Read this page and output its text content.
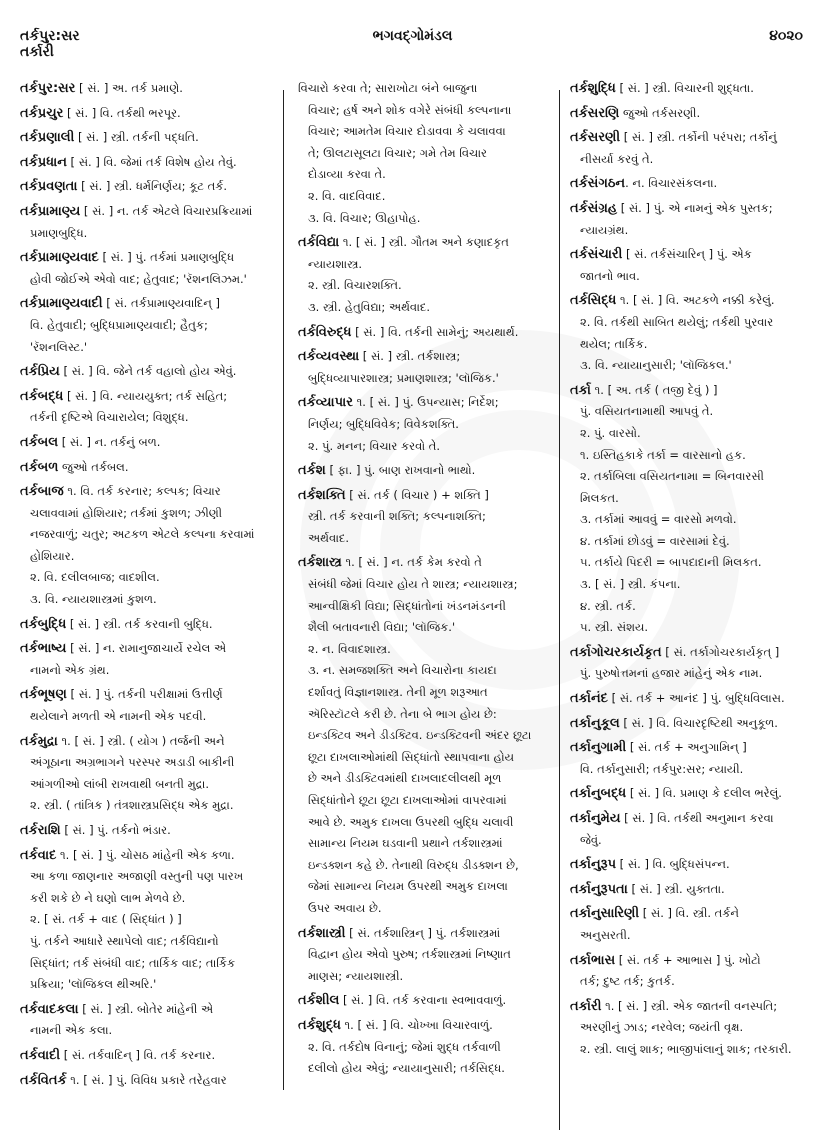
તર્કપુર:સર
તર્કારી
ભગવદ્ગોમંડલ	૪૦૨૦
તર્કપુર:સર [ સં. ] અ. તર્ક પ્રમાણે.
તર્કપ્રચુર [ સં. ] વિ. તર્કથી ભરપૂર.
તર્કપ્રણાલી [ સં. ] સ્ત્રી. તર્કની પદ્ધતિ.
તર્કપ્રધાન [ સં. ] વિ. જેમાં તર્ક વિશેષ હોય તેવું.
તર્કપ્રવણતા [ સં. ] સ્ત્રી. ધર્મનિર્ણય; કૂટ તર્ક.
તર્કપ્રામાણ્ય [ સં. ] ન. તર્ક એટલે વિચારપ્રક્રિયામાં
પ્રમાણબુદ્ધિ.
તર્કપ્રામાણ્યવાદ [ સં. ] પું. તર્કમાં પ્રમાણબુદ્ધિ
હોવી જોઈએ એવો વાદ; હેતુવાદ; 'રૅશનલિઝમ.'
તર્કપ્રામાણ્યવાદી [ સં. તર્કપ્રામાણ્યવાદિન્ ]
વિ. હેતુવાદી; બુદ્ધિપ્રામાણ્યવાદી; હૈતુક;
'રૅશનલિસ્ટ.'
તર્કપ્રિય [ સં. ] વિ. જેને તર્ક વહાલો હોય એવું.
તર્કબદ્ધ [ સં. ] વિ. ન્યાયયુક્ત; તર્ક સહિત;
તર્કની દૃષ્ટિએ વિચારાયેલ; વિશુદ્ધ.
તર્કબલ [ સં. ] ન. તર્કનું બળ.
તર્કબળ જુઓ તર્કબલ.
તર્કબાજ ૧. વિ. તર્ક કરનાર; કલ્પક; વિચાર
ચલાવવામાં હોશિયાર; તર્કમાં કુશળ; ઝીણી
નજરવાળું; ચતુર; અટકળ એટલે કલ્પના કરવામાં
હોશિયાર.
૨. વિ. દલીલબાજ; વાદશીલ.
૩. વિ. ન્યાયશાસ્ત્રમાં કુશળ.
તર્કબુદ્ધિ [ સં. ] સ્ત્રી. તર્ક કરવાની બુદ્ધિ.
તર્કભાષ્ય [ સં. ] ન. રામાનુજાચાર્યે રચેલ એ
નામનો એક ગ્રંથ.
તર્કભૂષણ [ સં. ] પું. તર્કની પરીક્ષામાં ઉત્તીર્ણ
થયેલાને મળતી એ નામની એક પદવી.
તર્કમુદ્રા ૧. [ સં. ] સ્ત્રી. ( યોગ ) તર્જની અને
અંગૂઠાના અગ્રભાગને પરસ્પર અડાડી બાકીની
આંગળીઓ લાંબી રાખવાથી બનતી મુદ્રા.
૨. સ્ત્રી. ( તાંત્રિક ) તંત્રશાસ્ત્રપ્રસિદ્ધ એક મુદ્રા.
તર્કરાશિ [ સં. ] પું. તર્કનો ભંડાર.
તર્કવાદ ૧. [ સં. ] પું. ચોસઠ માંહેની એક કળા.
આ કળા જાણનાર અજાણી વસ્તુની પણ પારખ
કરી શકે છે ને ઘણો લાભ મેળવે છે.
૨. [ સં. તર્ક + વાદ ( સિદ્ધાંત ) ]
પું. તર્કને આધારે સ્થાપેલો વાદ; તર્કવિદ્યાનો
સિદ્ધાંત; તર્ક સંબંધી વાદ; તાર્કિક વાદ; તાર્કિક
પ્રક્રિયા; 'લૉજિકલ થીઅરિ.'
તર્કવાદકલા [ સં. ] સ્ત્રી. બોતેર માંહેની એ
નામની એક કલા.
તર્કવાદી [ સં. તર્કવાદિન્ ] વિ. તર્ક કરનાર.
તર્કવિતર્ક ૧. [ સં. ] પું. વિવિધ પ્રકારે તરેહવાર
વિચારો કરવા તે; સારાખોટા બંને બાજુના
વિચાર; હર્ષ અને શોક વગેરે સંબંધી કલ્પનાના
વિચાર; આમતેમ વિચાર દોડાવવા કે ચલાવવા
તે; ઊલટાસૂલટા વિચાર; ગમે તેમ વિચાર
દોડાવ્યા કરવા તે.
૨. વિ. વાદવિવાદ.
૩. વિ. વિચાર; ઊહાપોહ.
તર્કવિદ્યા ૧. [ સં. ] સ્ત્રી. ગૌતમ અને કણાદકૃત
ન્યાયશાસ્ત્ર.
૨. સ્ત્રી. વિચારશક્તિ.
૩. સ્ત્રી. હેતુવિદ્યા; અર્થવાદ.
તર્કવિરુદ્ધ [ સં. ] વિ. તર્કની સામેનું; અયથાર્થ.
તર્કવ્યવસ્થા [ સં. ] સ્ત્રી. તર્કશાસ્ત્ર;
બુદ્ધિવ્યાપારશાસ્ત્ર; પ્રમાણશાસ્ત્ર; 'લૉજિક.'
તર્કવ્યાપાર ૧. [ સં. ] પું. ઉપન્યાસ; નિર્દેશ;
નિર્ણય; બુદ્ધિવિવેક; વિવેકશક્તિ.
૨. પું. મનન; વિચાર કરવો તે.
તર્કશ [ ફા. ] પું. બાણ રાખવાનો ભાથો.
તર્કશક્તિ [ સં. તર્ક ( વિચાર ) + શક્તિ ]
સ્ત્રી. તર્ક કરવાની શક્તિ; કલ્પનાશક્તિ;
અર્થવાદ.
તર્કશાસ્ત્ર ૧. [ સં. ] ન. તર્ક કેમ કરવો તે
સંબંધી જેમાં વિચાર હોય તે શાસ્ત્ર; ન્યાયશાસ્ત્ર;
આન્વીક્ષિકી વિદ્યા; સિદ્ધાંતોનાં ખંડનમંડનની
શૈલી બતાવનારી વિદ્યા; 'લૉજિક.'
૨. ન. વિવાદશાસ્ત્ર.
૩. ન. સમજશક્તિ અને વિચારોના કાયદા
દર્શાવતું વિજ્ઞાનશાસ્ત્ર. તેની મૂળ શરૂઆત
ઍરિસ્ટૉટલે કરી છે. તેના બે ભાગ હોય છે:
ઇન્ડક્ટિવ અને ડીડક્ટિવ. ઇન્ડક્ટિવની અંદર છૂટા
છૂટા દાખલાઓમાંથી સિદ્ધાંતો સ્થાપવાના હોય
છે અને ડીડક્ટિવમાંથી દાખલાદલીલથી મૂળ
સિદ્ધાંતોને છૂટા છૂટા દાખલાઓમાં વાપરવામાં
આવે છે. અમુક દાખલા ઉપરથી બુદ્ધિ ચલાવી
સામાન્ય નિયમ ઘડવાની પ્રથાને તર્કશાસ્ત્રમાં
ઇન્ડક્શન કહે છે. તેનાથી વિરુદ્ધ ડીડક્શન છે,
જેમાં સામાન્ય નિયમ ઉપરથી અમુક દાખલા
ઉપર અવાય છે.
તર્કશાસ્ત્રી [ સં. તર્કશાસ્ત્રિન્ ] પું. તર્કશાસ્ત્રમાં
વિદ્વાન હોય એવો પુરુષ; તર્કશાસ્ત્રમાં નિષ્ણાત
માણસ; ન્યાયશાસ્ત્રી.
તર્કશીલ [ સં. ] વિ. તર્ક કરવાના સ્વભાવવાળું.
તર્કશુદ્ધ ૧. [ સં. ] વિ. ચોખ્ખા વિચારવાળું.
૨. વિ. તર્કદોષ વિનાનું; જેમાં શુદ્ધ તર્કવાળી
દલીલો હોય એવું; ન્યાયાનુસારી; તર્કસિદ્ધ.
તર્કશુદ્ધિ [ સં. ] સ્ત્રી. વિચારની શુદ્ધતા.
તર્કસરણિ જુઓ તર્કસરણી.
તર્કસરણી [ સં. ] સ્ત્રી. તર્કોની પરંપરા; તર્કોનું
નીસર્યા કરવું તે.
તર્કસંગઠન. ન. વિચારસંકલના.
તર્કસંગ્રહ [ સં. ] પું. એ નામનું એક પુસ્તક;
ન્યાયગ્રંથ.
તર્કસંચારી [ સં. તર્કસંચારિન્ ] પું. એક
જાતનો ભાવ.
તર્કસિદ્ધ ૧. [ સં. ] વિ. અટકળે નક્કી કરેલું.
૨. વિ. તર્કથી સાબિત થયેલું; તર્કથી પુરવાર
થયેલ; તાર્કિક.
૩. વિ. ન્યાયાનુસારી; 'લૉજિકલ.'
તર્કા ૧. [ અ. તર્ક ( તજી દેવું ) ]
પું. વસિયતનામાથી આપવું તે.
૨. પું. વારસો.
૧. ઇસ્તિહકાકે તર્કા = વારસાનો હક.
૨. તર્કાબિલા વસિયતનામા = બિનવારસી
મિલકત.
૩. તર્કામાં આવવું = વારસો મળવો.
૪. તર્કામાં છોડવું = વારસામાં દેવું.
૫. તર્કાયે પિદરી = બાપદાદાની મિલકત.
૩. [ સં. ] સ્ત્રી. કંપના.
૪. સ્ત્રી. તર્ક.
૫. સ્ત્રી. સંશય.
તર્કાગોચરકાર્યકૃત [ સં. તર્કાગોચરકાર્યકૃત્ ]
પું. પુરુષોત્તમનાં હજાર માંહેનું એક નામ.
તર્કાનંદ [ સં. તર્ક + આનંદ ] પું. બુદ્ધિવિલાસ.
તર્કાનુકૂલ [ સં. ] વિ. વિચારદૃષ્ટિથી અનુકૂળ.
તર્કાનુગામી [ સં. તર્ક + અનુગામિન્ ]
વિ. તર્કાનુસારી; તર્કપુર:સર; ન્યાયી.
તર્કાનુબદ્ધ [ સં. ] વિ. પ્રમાણ કે દલીલ ભરેલું.
તર્કાનુમેય [ સં. ] વિ. તર્કથી અનુમાન કરવા
જેવું.
તર્કાનુરૂપ [ સં. ] વિ. બુદ્ધિસંપન્ન.
તર્કાનુરૂપતા [ સં. ] સ્ત્રી. યુક્તતા.
તર્કાનુસારિણી [ સં. ] વિ. સ્ત્રી. તર્કને
અનુસરતી.
તર્કાભાસ [ સં. તર્ક + આભાસ ] પું. ખોટો
તર્ક; દુષ્ટ તર્ક; કુતર્ક.
તર્કારી ૧. [ સં. ] સ્ત્રી. એક જાતની વનસ્પતિ;
અરણીનું ઝાડ; નરવેલ; જયંતી વૃક્ષ.
૨. સ્ત્રી. લાલું શાક; ભાજીપાંલાનું શાક; તરકારી.
